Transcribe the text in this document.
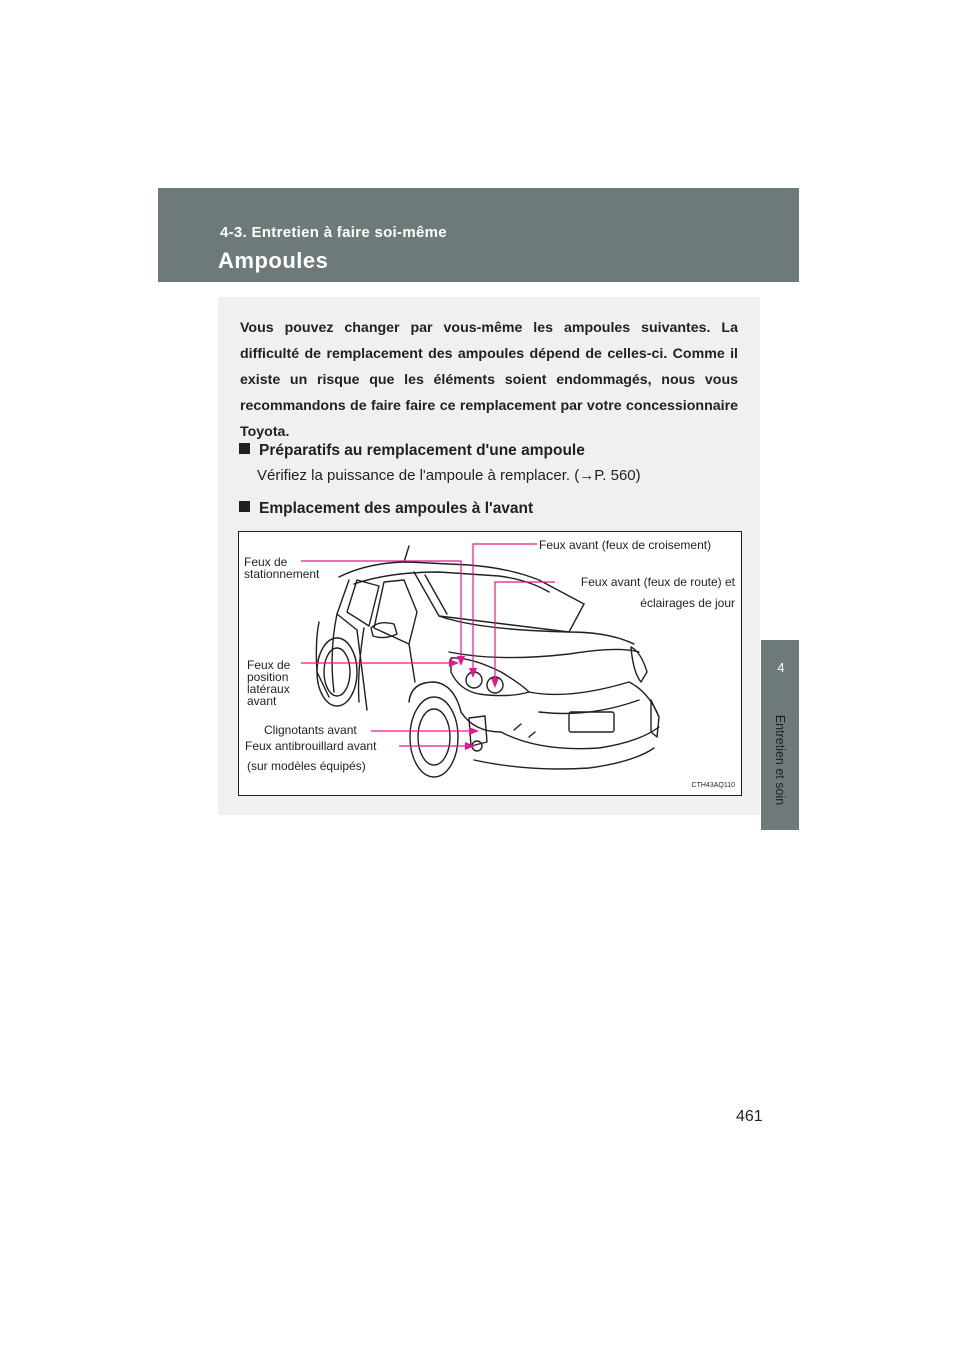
4-3. Entretien à faire soi-même
Ampoules
4
Entretien et soin
Vous pouvez changer par vous-même les ampoules suivantes. La difficulté de remplacement des ampoules dépend de celles-ci. Comme il existe un risque que les éléments soient endommagés, nous vous recommandons de faire faire ce remplacement par votre concessionnaire Toyota.
Préparatifs au remplacement d'une ampoule
Vérifiez la puissance de l'ampoule à remplacer. (→P. 560)
Emplacement des ampoules à l'avant
Feux de
stationnement
Feux avant (feux de croisement)
Feux avant (feux de route) et
éclairages de jour
Feux de
position
latéraux
avant
Clignotants avant
Feux antibrouillard avant
(sur modèles équipés)
CTH43AQ110
461
